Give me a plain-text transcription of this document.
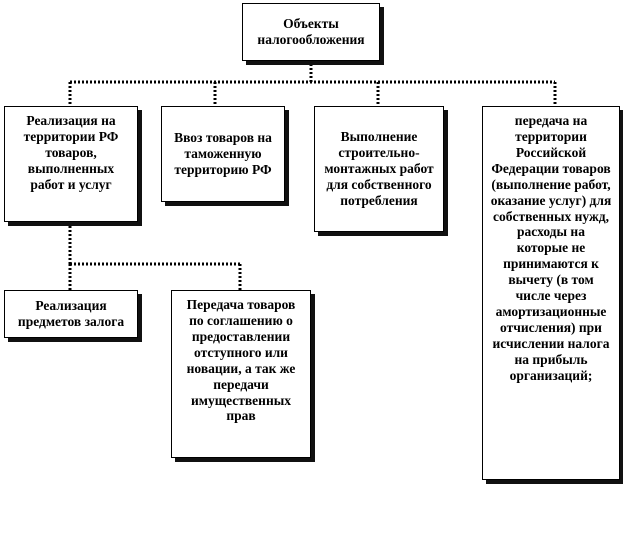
Объекты
налогообложения
Реализация на
территории РФ
товаров,
выполненных
работ и услуг
Ввоз товаров на
таможенную
территорию РФ
Выполнение
строительно-
монтажных работ
для собственного
потребления
передача на
территории
Российской
Федерации товаров
(выполнение работ,
оказание услуг) для
собственных нужд,
расходы на
которые не
принимаются к
вычету (в том
числе через
амортизационные
отчисления) при
исчислении налога
на прибыль
организаций;
Реализация
предметов залога
Передача товаров
по соглашению о
предоставлении
отступного или
новации, а так же
передачи
имущественных
прав
